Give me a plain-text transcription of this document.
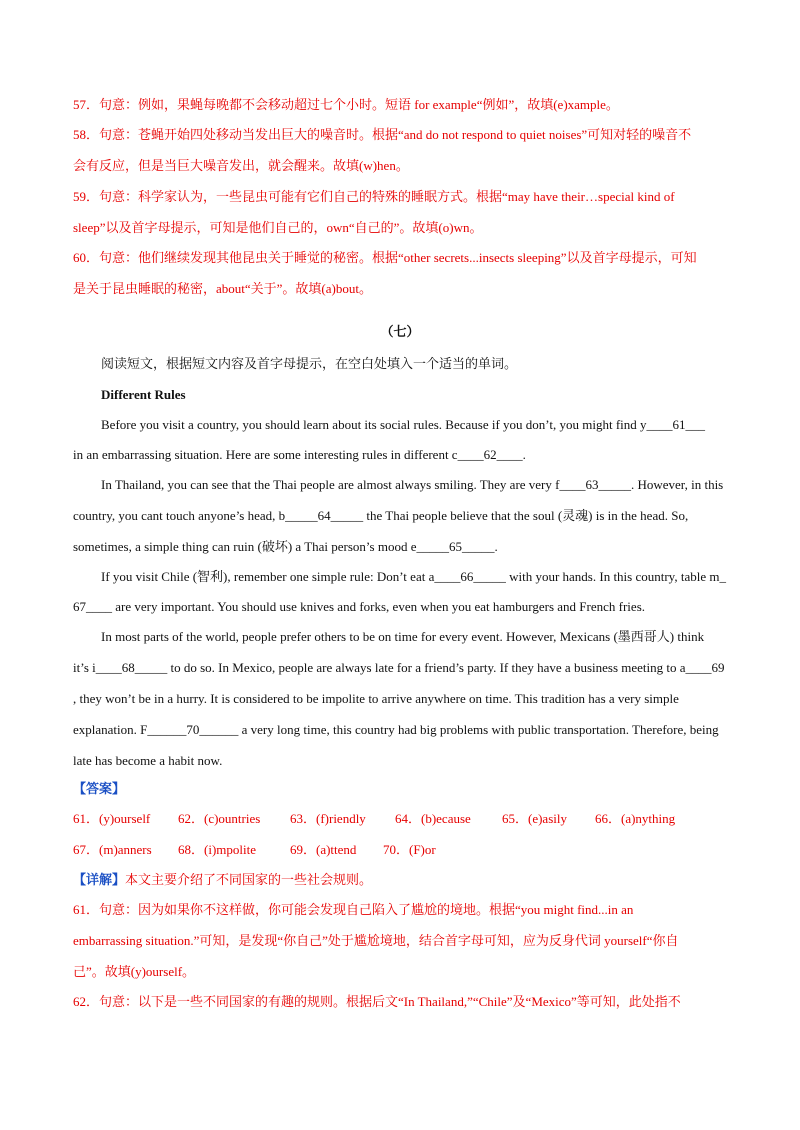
57．句意：例如，果蝇每晚都不会移动超过七个小时。短语 for example“例如”，故填(e)xample。
58．句意：苍蝇开始四处移动当发出巨大的噪音时。根据“and do not respond to quiet noises”可知对轻的噪音不
会有反应，但是当巨大噪音发出，就会醒来。故填(w)hen。
59．句意：科学家认为，一些昆虫可能有它们自己的特殊的睡眠方式。根据“may have their…special kind of
sleep”以及首字母提示，可知是他们自己的，own“自己的”。故填(o)wn。
60．句意：他们继续发现其他昆虫关于睡觉的秘密。根据“other secrets...insects sleeping”以及首字母提示，可知
是关于昆虫睡眠的秘密，about“关于”。故填(a)bout。
（七）
阅读短文，根据短文内容及首字母提示，在空白处填入一个适当的单词。
Different Rules
Before you visit a country, you should learn about its social rules. Because if you don’t, you might find y____61___
in an embarrassing situation. Here are some interesting rules in different c____62____.
In Thailand, you can see that the Thai people are almost always smiling. They are very f____63_____. However, in this
country, you cant touch anyone’s head, b_____64_____ the Thai people believe that the soul (灵魂) is in the head. So,
sometimes, a simple thing can ruin (破坏) a Thai person’s mood e_____65_____.
If you visit Chile (智利), remember one simple rule: Don’t eat a____66_____ with your hands. In this country, table m_
67____ are very important. You should use knives and forks, even when you eat hamburgers and French fries.
In most parts of the world, people prefer others to be on time for every event. However, Mexicans (墨西哥人) think
it’s i____68_____ to do so. In Mexico, people are always late for a friend’s party. If they have a business meeting to a____69
, they won’t be in a hurry. It is considered to be impolite to arrive anywhere on time. This tradition has a very simple
explanation. F______70______ a very long time, this country had big problems with public transportation. Therefore, being
late has become a habit now.
【答案】
61．(y)ourself 62．(c)ountries 63．(f)riendly 64．(b)ecause 65．(e)asily 66．(a)nything
67．(m)anners 68．(i)mpolite	69．(a)ttend 70．(F)or
【详解】本文主要介绍了不同国家的一些社会规则。
61．句意：因为如果你不这样做，你可能会发现自己陷入了尴尬的境地。根据“you might find...in an
embarrassing situation.”可知，是发现“你自己”处于尴尬境地，结合首字母可知，应为反身代词 yourself“你自
己”。故填(y)ourself。
62．句意：以下是一些不同国家的有趣的规则。根据后文“In Thailand,”“Chile”及“Mexico”等可知，此处指不
